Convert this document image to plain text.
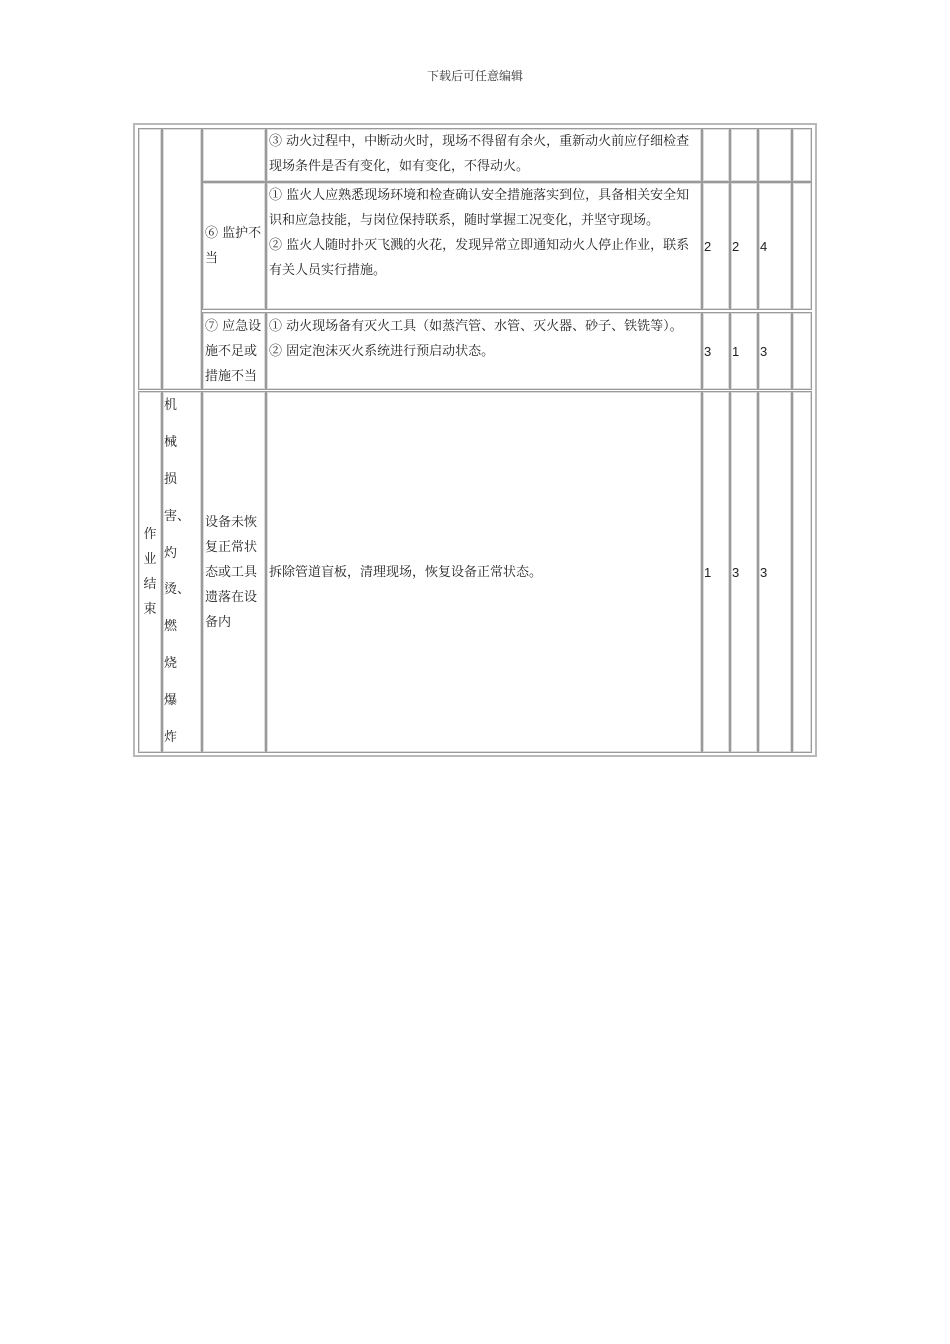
下载后可任意编辑

③ 动火过程中，中断动火时，现场不得留有余火，重新动火前应仔细检查现场条件是否有变化，如有变化，不得动火。

⑥ 监护不当

① 监火人应熟悉现场环境和检查确认安全措施落实到位，具备相关安全知识和应急技能，与岗位保持联系，随时掌握工况变化，并坚守现场。

② 监火人随时扑灭飞溅的火花，发现异常立即通知动火人停止作业，联系有关人员实行措施。

2 2 4
⑦ 应急设施不足或措施不当

① 动火现场备有灭火工具（如蒸汽管、水管、灭火器、砂子、铁铣等）。

② 固定泡沫灭火系统进行预启动状态。	3 1 3
作
业
结
束
机
械
损
害、
灼
烫、
燃
烧
爆
炸
设备未恢复正常状态或工具遗落在设备内

拆除管道盲板，清理现场，恢复设备正常状态。	1 3 3
